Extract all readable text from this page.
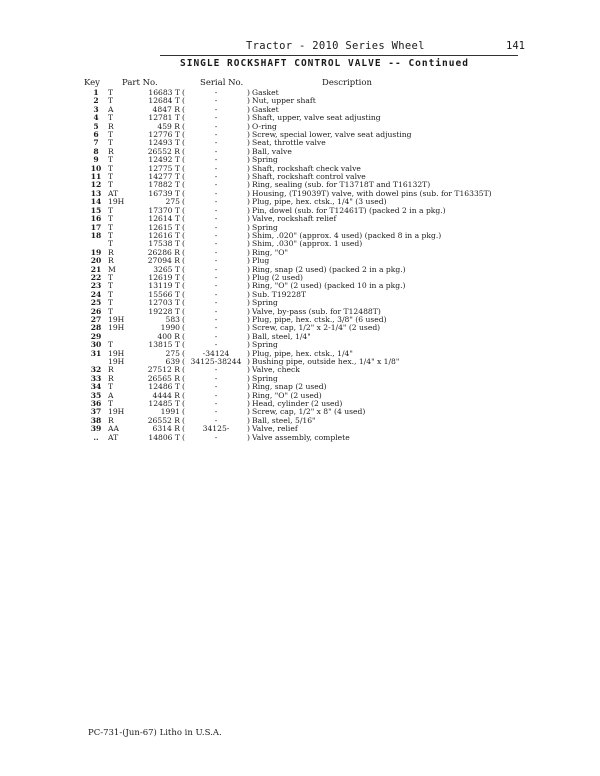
Tractor - 2010 Series Wheel	141
SINGLE ROCKSHAFT CONTROL VALVE -- Continued
Key	Part No.	Serial No.	Description
1	T	16683 T	( - )	Gasket
2	T	12684 T	( - )	Nut, upper shaft
3	A	4847 R	( - )	Gasket
4	T	12781 T	( - )	Shaft, upper, valve seat adjusting
5	R	459 R	( - )	O-ring
6	T	12776 T	( - )	Screw, special lower, valve seat adjusting
7	T	12493 T	( - )	Seat, throttle valve
8	R	26552 R	( - )	Ball, valve
9	T	12492 T	( - )	Spring
10	T	12775 T	( - )	Shaft, rockshaft check valve
11	T	14277 T	( - )	Shaft, rockshaft control valve
12	T	17882 T	( - )	Ring, sealing (sub. for T13718T and T16132T)
13	AT	16739 T	( - )	Housing, (T19039T) valve, with dowel pins (sub. for T16335T)
14	19H	275	( - )	Plug, pipe, hex. ctsk., 1/4" (3 used)
15	T	17370 T	( - )	Pin, dowel (sub. for T12461T) (packed 2 in a pkg.)
16	T	12614 T	( - )	Valve, rockshaft relief
17	T	12615 T	( - )	Spring
18	T	12616 T	( - )	Shim, .020" (approx. 4 used) (packed 8 in a pkg.)
	T	17538 T	( - )	Shim, .030" (approx. 1 used)
19	R	26286 R	( - )	Ring, "O"
20	R	27094 R	( - )	Plug
21	M	3265 T	( - )	Ring, snap (2 used) (packed 2 in a pkg.)
22	T	12619 T	( - )	Plug (2 used)
23	T	13119 T	( - )	Ring, "O" (2 used) (packed 10 in a pkg.)
24	T	15566 T	( - )	Sub. T19228T
25	T	12703 T	( - )	Spring
26	T	19228 T	( - )	Valve, by-pass (sub. for T12488T)
27	19H	583	( - )	Plug, pipe, hex. ctsk., 3/8" (6 used)
28	19H	1990	( - )	Screw, cap, 1/2" x 2-1/4" (2 used)
29		400 R	( - )	Ball, steel, 1/4"
30	T	13815 T	( - )	Spring
31	19H	275	( -34124 )	Plug, pipe, hex. ctsk., 1/4"
	19H	639	( 34125-38244 )	Bushing pipe, outside hex., 1/4" x 1/8"
32	R	27512 R	( - )	Valve, check
33	R	26565 R	( - )	Spring
34	T	12486 T	( - )	Ring, snap (2 used)
35	A	4444 R	( - )	Ring, "O" (2 used)
36	T	12485 T	( - )	Head, cylinder (2 used)
37	19H	1991	( - )	Screw, cap, 1/2" x 8" (4 used)
38	R	26552 R	( - )	Ball, steel, 5/16"
39	AA	6314 R	( 34125- )	Valve, relief
..	AT	14806 T	( - )	Valve assembly, complete
PC-731-(Jun-67) Litho in U.S.A.
